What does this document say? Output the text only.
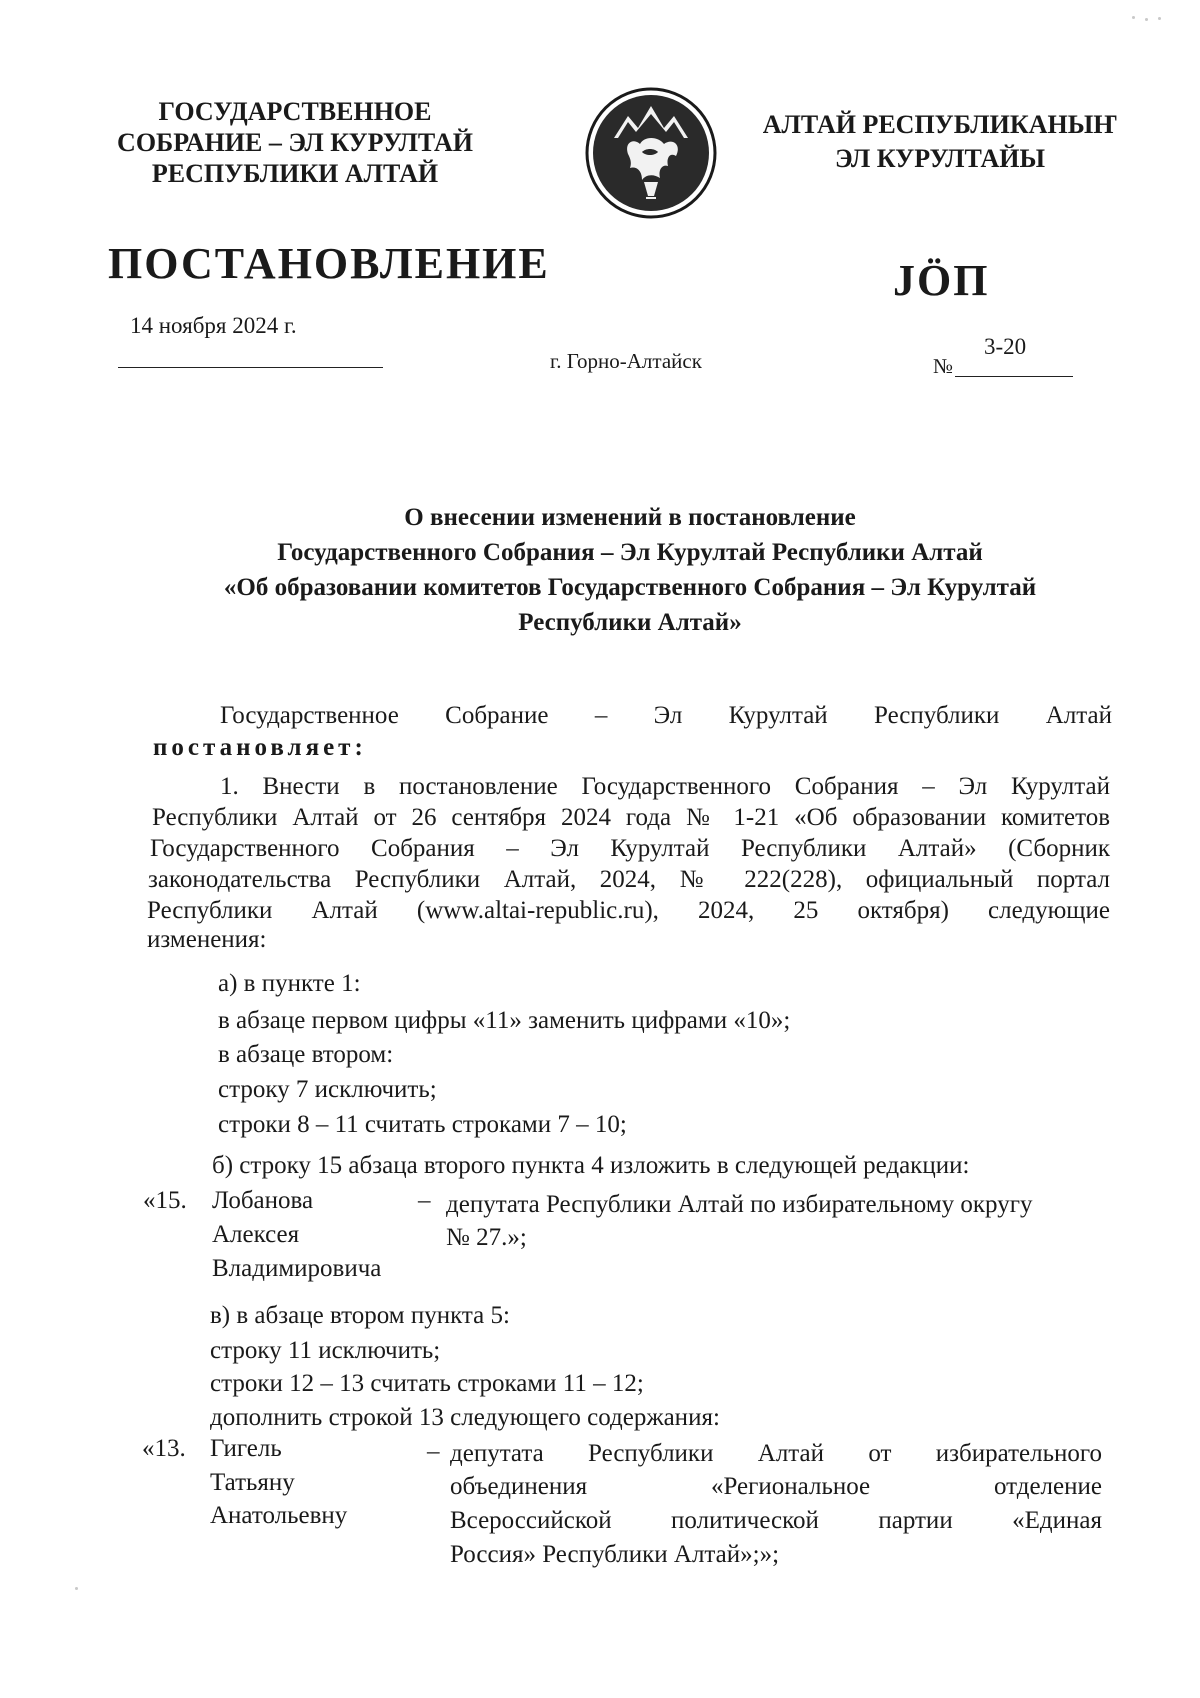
ГОСУДАРСТВЕННОЕ
СОБРАНИЕ – ЭЛ КУРУЛТАЙ
РЕСПУБЛИКИ АЛТАЙ
АЛТАЙ РЕСПУБЛИКАНЫҤ
ЭЛ КУРУЛТАЙЫ
ПОСТАНОВЛЕНИЕ	JӦП
14 ноября 2024 г.
г. Горно-Алтайск	№
3-20
О внесении изменений в постановление
Государственного Собрания – Эл Курултай Республики Алтай
«Об образовании комитетов Государственного Собрания – Эл Курултай
Республики Алтай»
Государственное Собрание – Эл Курултай Республики Алтай
постановляет:
1. Внести в постановление Государственного Собрания – Эл Курултай
Республики Алтай от 26 сентября 2024 года № 1-21 «Об образовании комитетов
Государственного Собрания – Эл Курултай Республики Алтай» (Сборник
законодательства Республики Алтай, 2024, № 222(228), официальный портал
Республики Алтай (www.altai-republic.ru), 2024, 25 октября) следующие
изменения:
а) в пункте 1:
в абзаце первом цифры «11» заменить цифрами «10»;
в абзаце втором:
строку 7 исключить;
строки 8 – 11 считать строками 7 – 10;
б) строку 15 абзаца второго пункта 4 изложить в следующей редакции:
«15. Лобанова
Алексея
Владимировича
– депутата Республики Алтай по избирательному округу
№ 27.»;
в) в абзаце втором пункта 5:
строку 11 исключить;
строки 12 – 13 считать строками 11 – 12;
дополнить строкой 13 следующего содержания:
«13. Гигель
Татьяну
Анатольевну
– депутата Республики Алтай от избирательного
объединения «Региональное отделение
Всероссийской политической партии «Единая
Россия» Республики Алтай»;»;
